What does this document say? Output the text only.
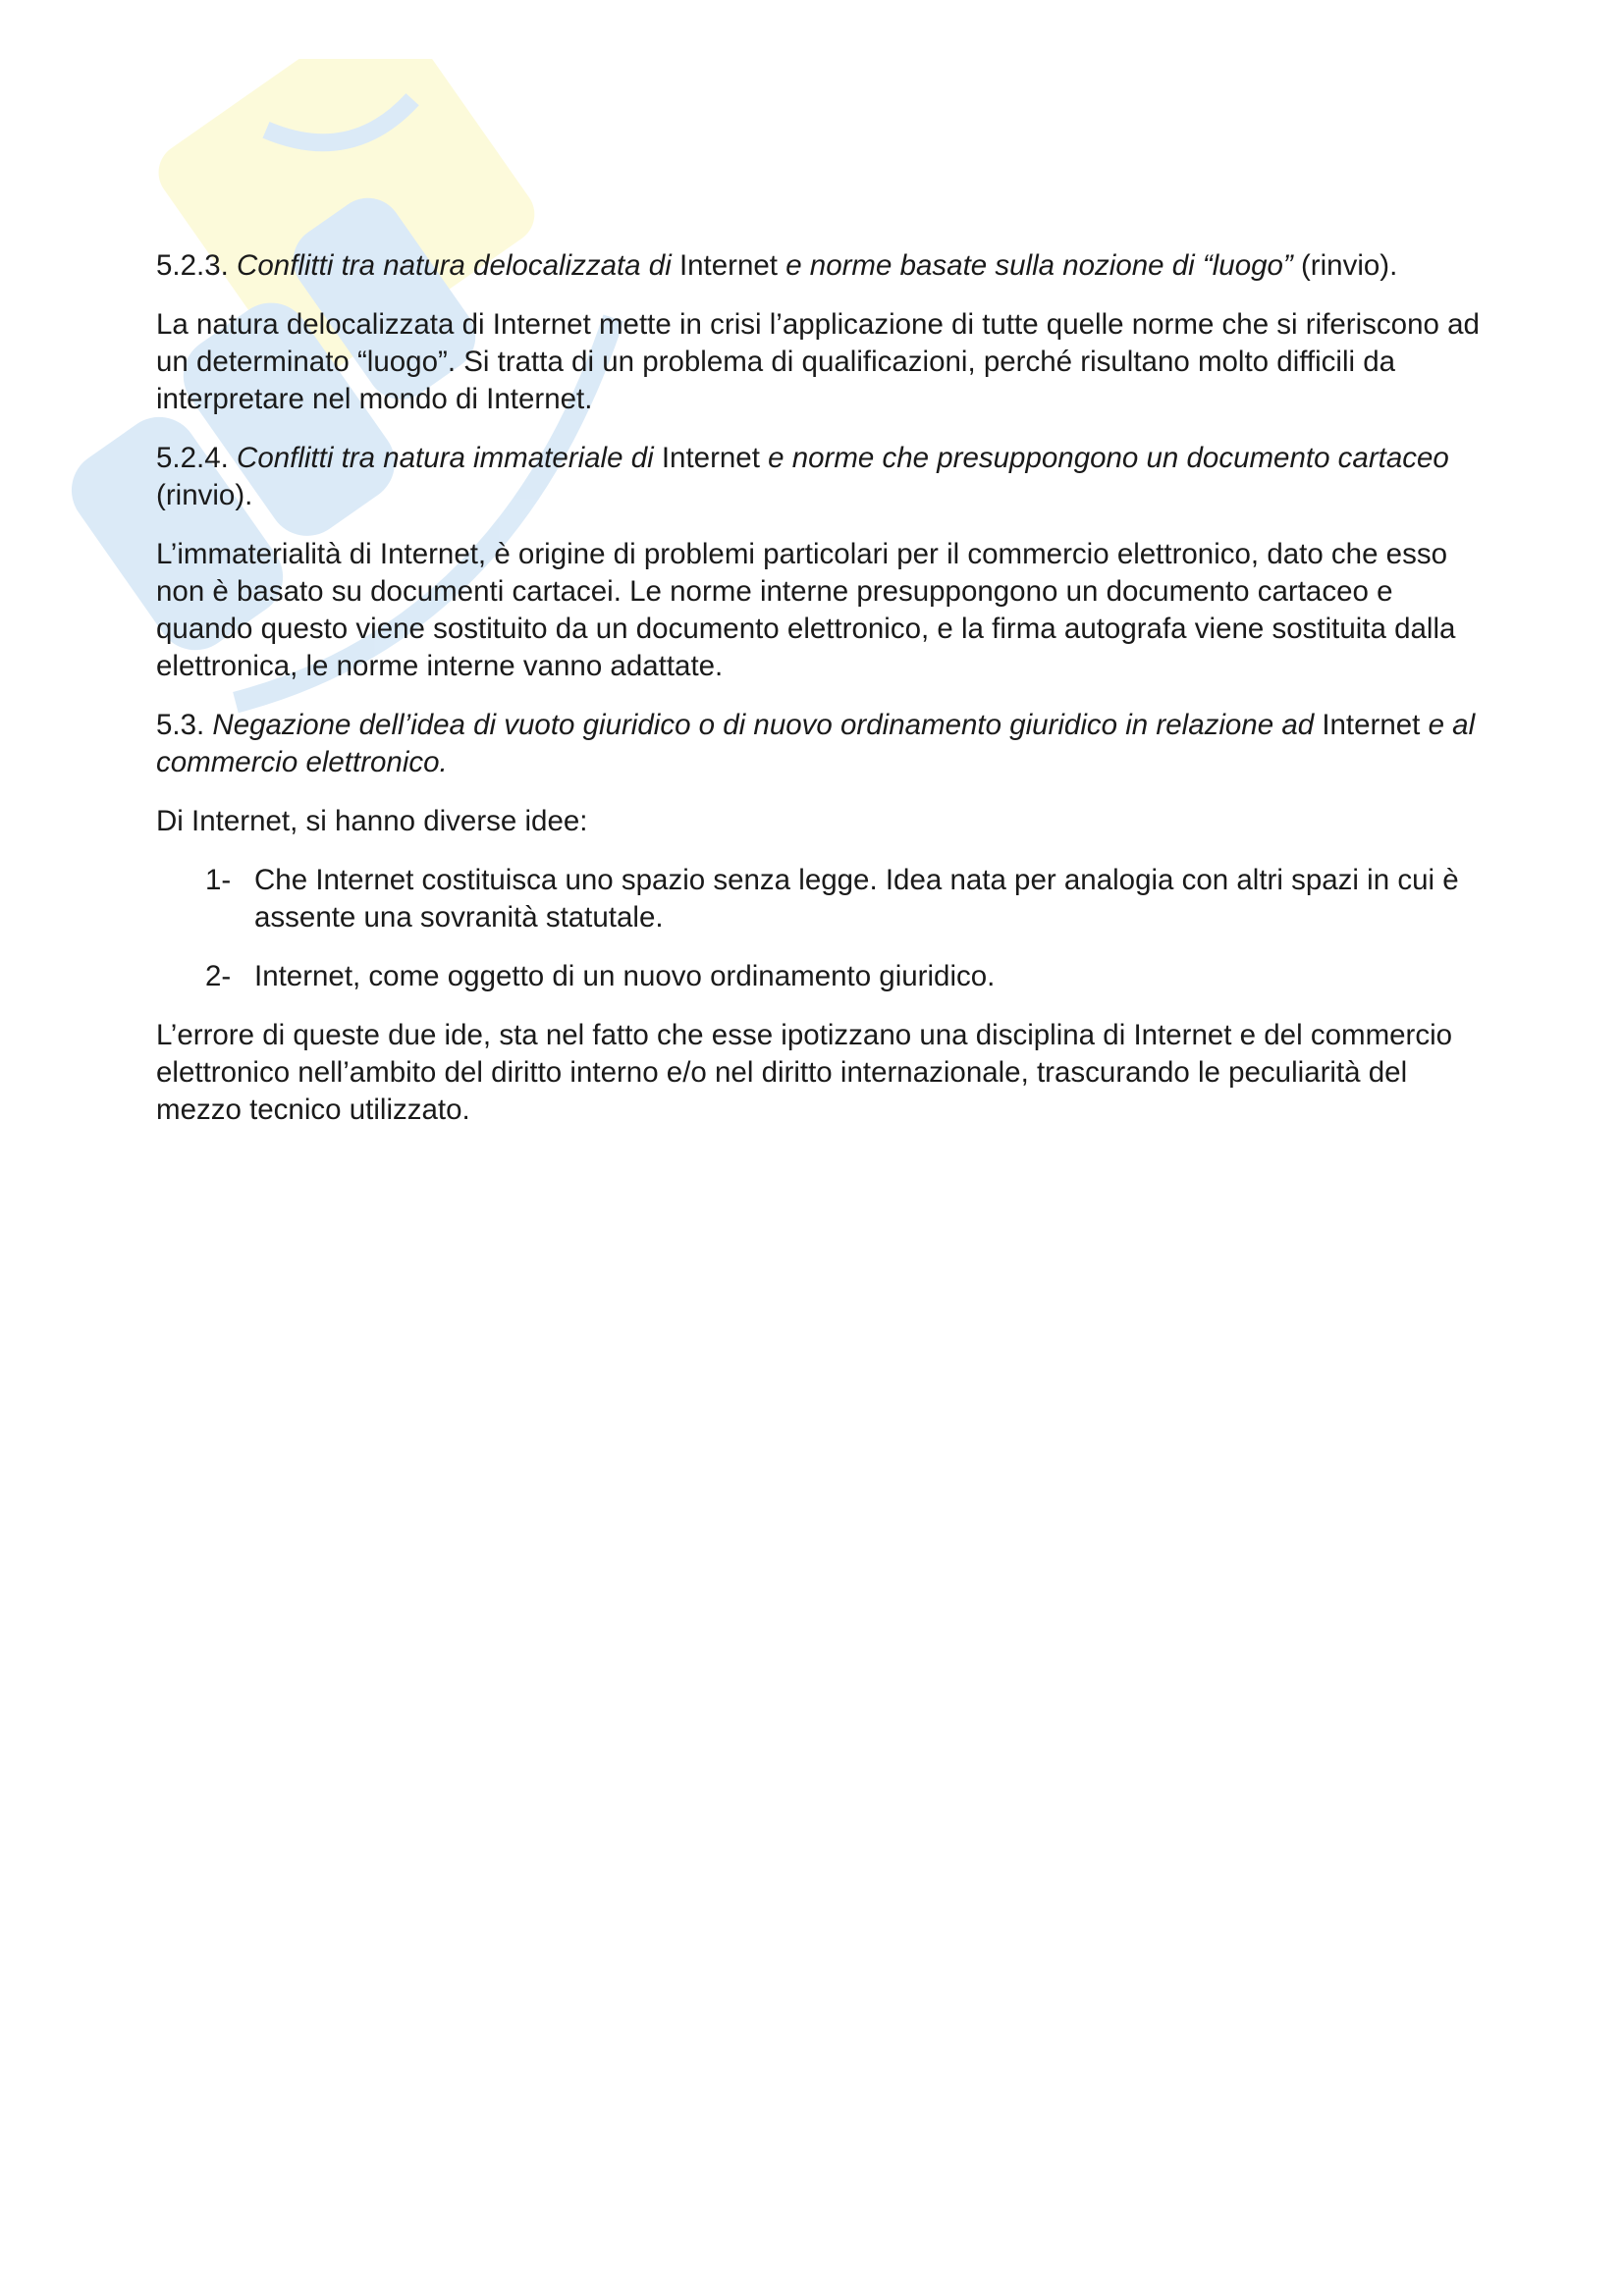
5.2.3. Conflitti tra natura delocalizzata di Internet e norme basate sulla nozione di “luogo” (rinvio).

La natura delocalizzata di Internet mette in crisi l’applicazione di tutte quelle norme che si riferiscono ad un determinato “luogo”. Si tratta di un problema di qualificazioni, perché risultano molto difficili da interpretare nel mondo di Internet.

5.2.4. Conflitti tra natura immateriale di Internet e norme che presuppongono un documento cartaceo (rinvio).

L’immaterialità di Internet, è origine di problemi particolari per il commercio elettronico, dato che esso non è basato su documenti cartacei. Le norme interne presuppongono un documento cartaceo e quando questo viene sostituito da un documento elettronico, e la firma autografa viene sostituita dalla elettronica, le norme interne vanno adattate.

5.3. Negazione dell’idea di vuoto giuridico o di nuovo ordinamento giuridico in relazione ad Internet e al commercio elettronico.

Di Internet, si hanno diverse idee:

1- Che Internet costituisca uno spazio senza legge. Idea nata per analogia con altri spazi in cui è assente una sovranità statutale.
2- Internet, come oggetto di un nuovo ordinamento giuridico.

L’errore di queste due ide, sta nel fatto che esse ipotizzano una disciplina di Internet e del commercio elettronico nell’ambito del diritto interno e/o nel diritto internazionale, trascurando le peculiarità del mezzo tecnico utilizzato.
